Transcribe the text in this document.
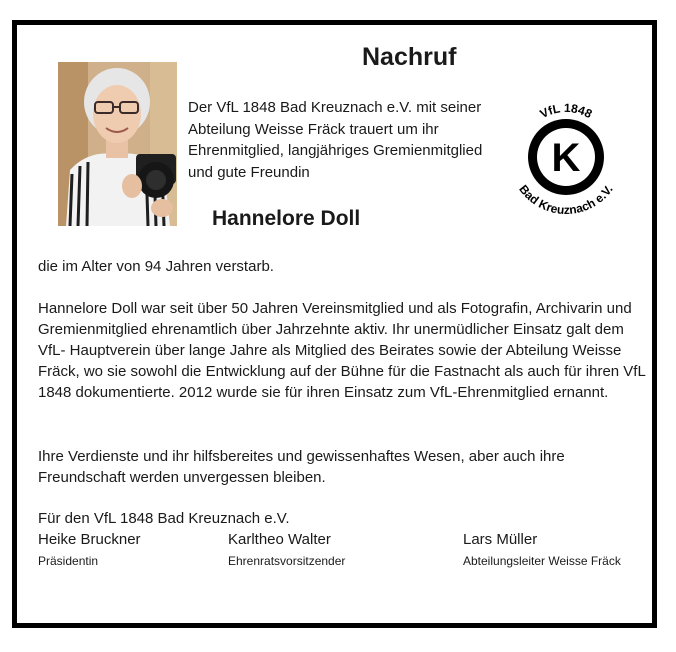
Nachruf

Der VfL 1848 Bad Kreuznach e.V. mit seiner Abteilung Weisse Fräck trauert um ihr Ehrenmitglied, langjähriges Gremienmitglied und gute Freundin

Hannelore Doll
K
VfL 1848
Bad Kreuznach e.V.

die im Alter von 94 Jahren verstarb.

Hannelore Doll war seit über 50 Jahren Vereinsmitglied und als Fotografin, Archivarin und Gremienmitglied ehrenamtlich über Jahrzehnte aktiv. Ihr unermüdlicher Einsatz galt dem VfL- Hauptverein über lange Jahre als Mitglied des Beirates sowie der Abteilung Weisse Fräck, wo sie sowohl die Entwicklung auf der Bühne für die Fastnacht als auch für ihren VfL 1848 dokumentierte. 2012 wurde sie für ihren Einsatz zum VfL-Ehrenmitglied ernannt.

Ihre Verdienste und ihr hilfsbereites und gewissenhaftes Wesen, aber auch ihre Freundschaft werden unvergessen bleiben.

Für den VfL 1848 Bad Kreuznach e.V.

Heike Bruckner
Präsidentin
Karltheo Walter
Ehrenratsvorsitzender
Lars Müller
Abteilungsleiter Weisse Fräck
